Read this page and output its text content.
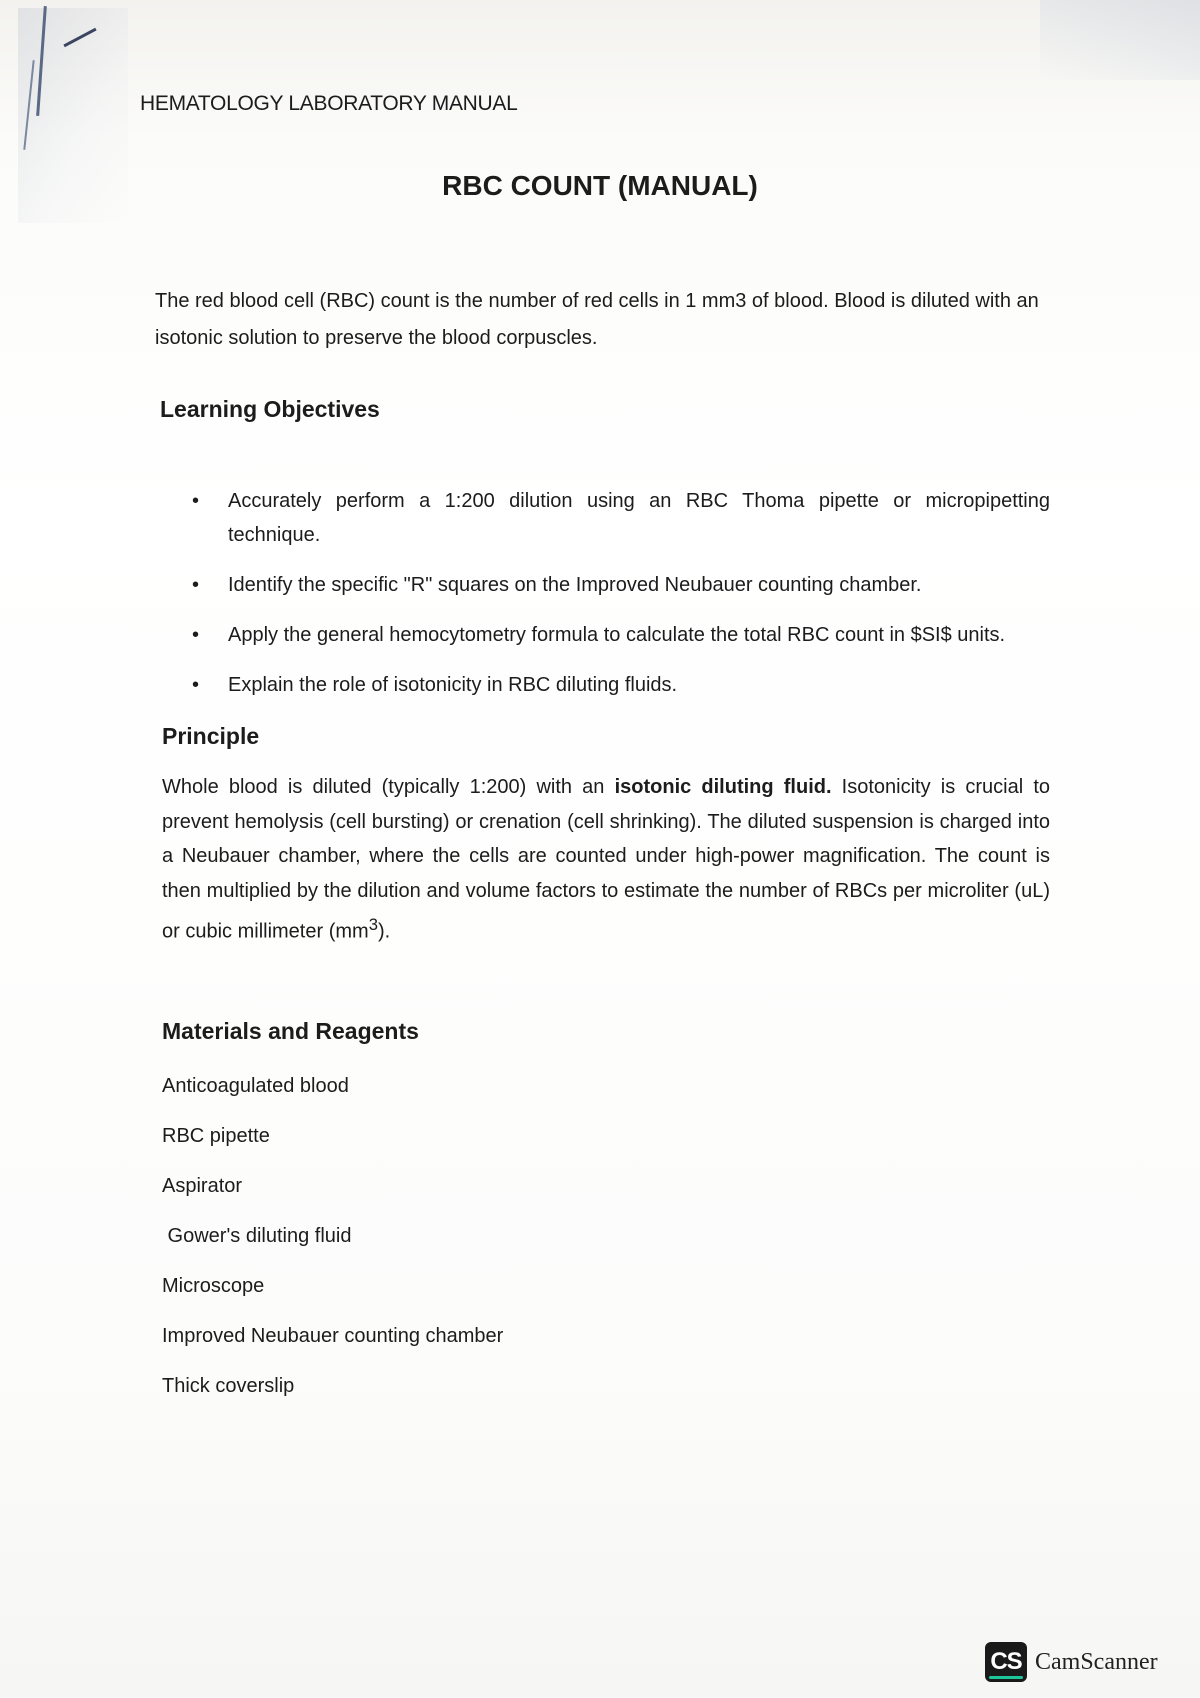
HEMATOLOGY LABORATORY MANUAL
RBC COUNT (MANUAL)
The red blood cell (RBC) count is the number of red cells in 1 mm3 of blood. Blood is diluted with an isotonic solution to preserve the blood corpuscles.
Learning Objectives
• Accurately perform a 1:200 dilution using an RBC Thoma pipette or micropipetting technique.
• Identify the specific "R" squares on the Improved Neubauer counting chamber.
• Apply the general hemocytometry formula to calculate the total RBC count in $SI$ units.
• Explain the role of isotonicity in RBC diluting fluids.
Principle
Whole blood is diluted (typically 1:200) with an isotonic diluting fluid. Isotonicity is crucial to prevent hemolysis (cell bursting) or crenation (cell shrinking). The diluted suspension is charged into a Neubauer chamber, where the cells are counted under high-power magnification. The count is then multiplied by the dilution and volume factors to estimate the number of RBCs per microliter (uL) or cubic millimeter $(mm^3)$.
Materials and Reagents
Anticoagulated blood
RBC pipette
Aspirator
Gower's diluting fluid
Microscope
Improved Neubauer counting chamber
Thick coverslip
CS CamScanner
